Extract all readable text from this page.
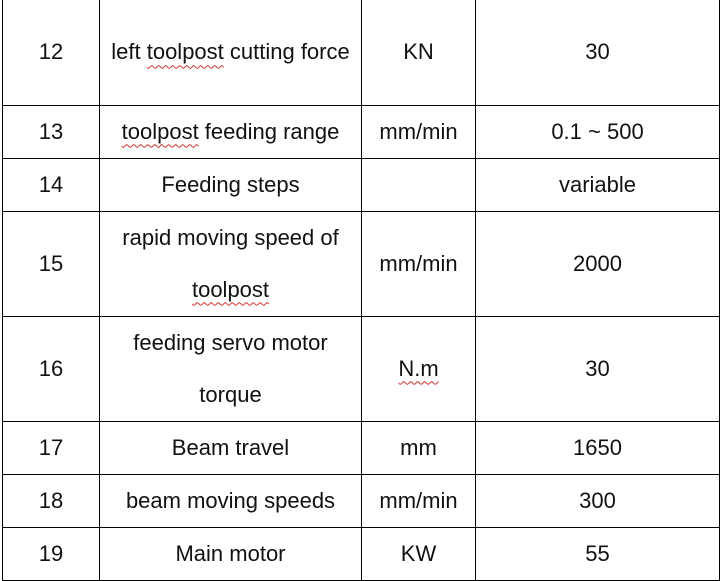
12	left toolpost cutting force	KN	30
13	toolpost feeding range	mm/min	0.1 ~ 500
14	Feeding steps		variable
15	rapid moving speed of toolpost	mm/min	2000
16	feeding servo motor torque	N.m	30
17	Beam travel	mm	1650
18	beam moving speeds	mm/min	300
19	Main motor	KW	55
